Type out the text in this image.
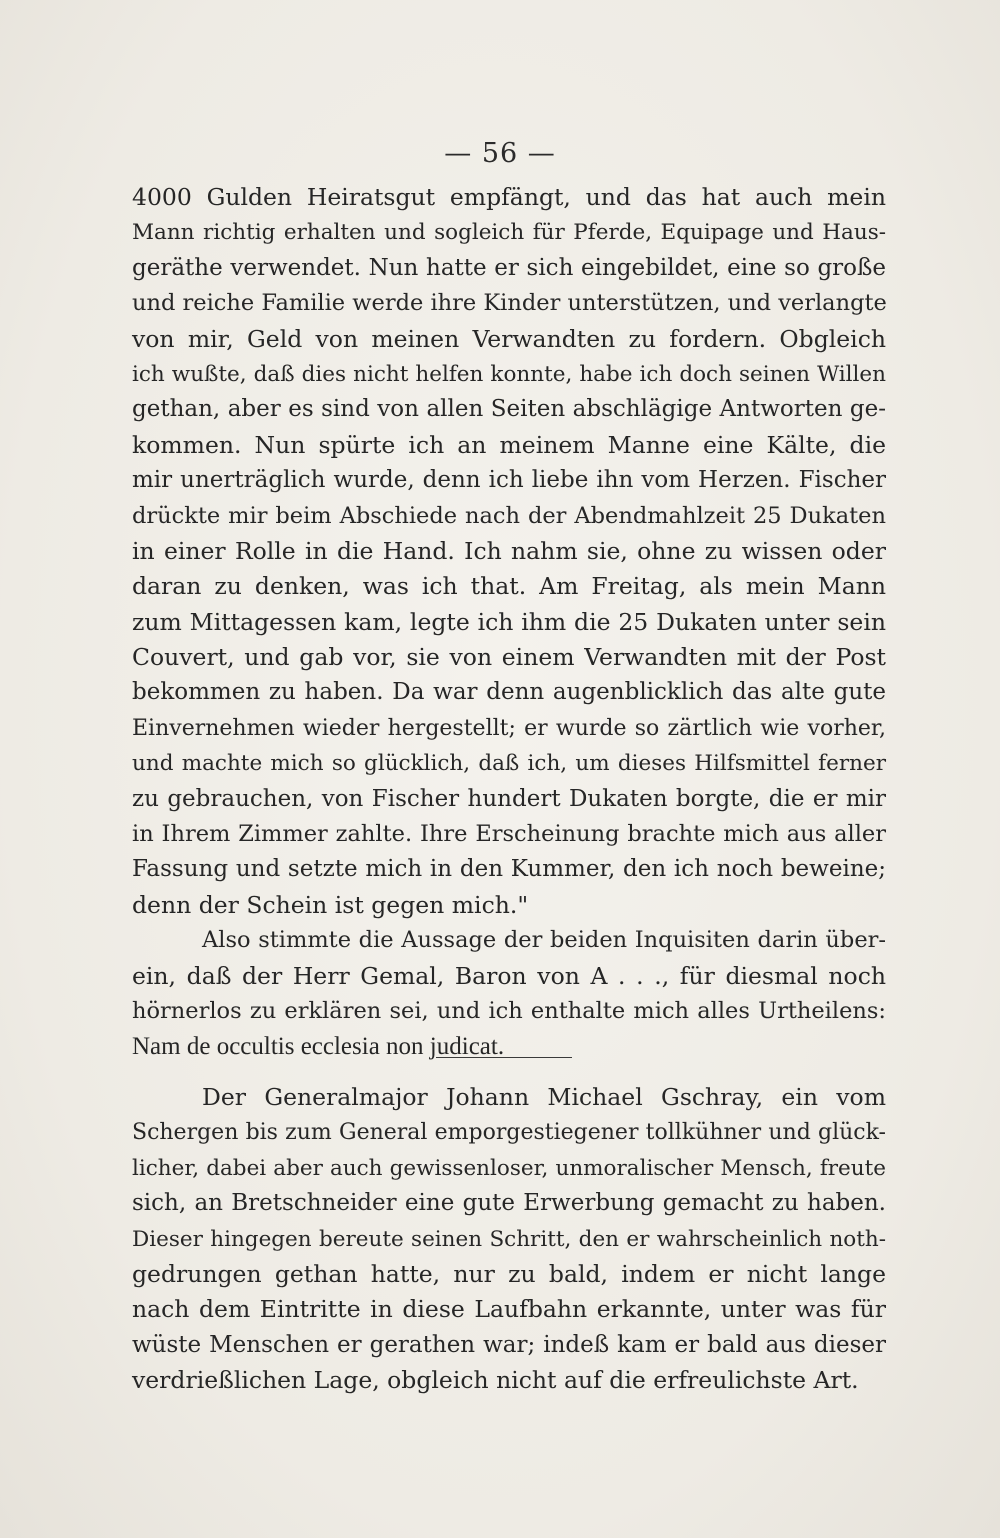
— 56 —
4000 Gulden Heiratsgut empfängt, und das hat auch mein
Mann richtig erhalten und sogleich für Pferde, Equipage und Haus-
geräthe verwendet. Nun hatte er sich eingebildet, eine so große
und reiche Familie werde ihre Kinder unterstützen, und verlangte
von mir, Geld von meinen Verwandten zu fordern. Obgleich
ich wußte, daß dies nicht helfen konnte, habe ich doch seinen Willen
gethan, aber es sind von allen Seiten abschlägige Antworten ge-
kommen. Nun spürte ich an meinem Manne eine Kälte, die
mir unerträglich wurde, denn ich liebe ihn vom Herzen. Fischer
drückte mir beim Abschiede nach der Abendmahlzeit 25 Dukaten
in einer Rolle in die Hand. Ich nahm sie, ohne zu wissen oder
daran zu denken, was ich that. Am Freitag, als mein Mann
zum Mittagessen kam, legte ich ihm die 25 Dukaten unter sein
Couvert, und gab vor, sie von einem Verwandten mit der Post
bekommen zu haben. Da war denn augenblicklich das alte gute
Einvernehmen wieder hergestellt; er wurde so zärtlich wie vorher,
und machte mich so glücklich, daß ich, um dieses Hilfsmittel ferner
zu gebrauchen, von Fischer hundert Dukaten borgte, die er mir
in Ihrem Zimmer zahlte. Ihre Erscheinung brachte mich aus aller
Fassung und setzte mich in den Kummer, den ich noch beweine;
denn der Schein ist gegen mich."
Also stimmte die Aussage der beiden Inquisiten darin über-
ein, daß der Herr Gemal, Baron von A . . ., für diesmal noch
hörnerlos zu erklären sei, und ich enthalte mich alles Urtheilens:
Nam de occultis ecclesia non judicat.
Der Generalmajor Johann Michael Gschray, ein vom
Schergen bis zum General emporgestiegener tollkühner und glück-
licher, dabei aber auch gewissenloser, unmoralischer Mensch, freute
sich, an Bretschneider eine gute Erwerbung gemacht zu haben.
Dieser hingegen bereute seinen Schritt, den er wahrscheinlich noth-
gedrungen gethan hatte, nur zu bald, indem er nicht lange
nach dem Eintritte in diese Laufbahn erkannte, unter was für
wüste Menschen er gerathen war; indeß kam er bald aus dieser
verdrießlichen Lage, obgleich nicht auf die erfreulichste Art.
